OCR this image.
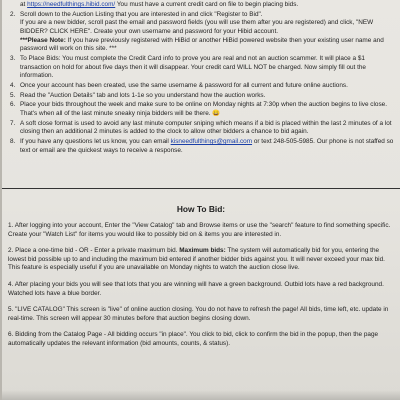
at https://needfulthings.hibid.com/ You must have a current credit card on file to begin placing bids.
2. Scroll down to the Auction Listing that you are interested in and click "Register to Bid".
If you are a new bidder, scroll past the email and password fields (you will use them after you are registered) and click, "NEW BIDDER? CLICK HERE". Create your own username and password for your Hibid account.
***Please Note: If you have previously registered with HiBid or another HiBid powered website then your existing user name and password will work on this site. ***
3. To Place Bids: You must complete the Credit Card info to prove you are real and not an auction scammer. It will place a $1 transaction on hold for about five days then it will disappear. Your credit card WILL NOT be charged. Now simply fill out the information.
4. Once your account has been created, use the same username & password for all current and future online auctions.
5. Read the "Auction Details" tab and lots 1-1e so you understand how the auction works.
6. Place your bids throughout the week and make sure to be online on Monday nights at 7:30p when the auction begins to live close. That's when all of the last minute sneaky ninja bidders will be there. 😀
7. A soft close format is used to avoid any last minute computer sniping which means if a bid is placed within the last 2 minutes of a lot closing then an additional 2 minutes is added to the clock to allow other bidders a chance to bid again.
8. If you have any questions let us know, you can email kisneedfulthings@gmail.com or text 248-505-5985. Our phone is not staffed so text or email are the quickest ways to receive a response.
How To Bid:
1. After logging into your account, Enter the "View Catalog" tab and Browse items or use the "search" feature to find something specific. Create your "Watch List" for items you would like to possibly bid on & items you are interested in.
2. Place a one-time bid - OR - Enter a private maximum bid. Maximum bids: The system will automatically bid for you, entering the lowest bid possible up to and including the maximum bid entered if another bidder bids against you. It will never exceed your max bid. This feature is especially useful if you are unavailable on Monday nights to watch the auction close live.
4. After placing your bids you will see that lots that you are winning will have a green background. Outbid lots have a red background. Watched lots have a blue border.
5. "LIVE CATALOG" This screen is "live" of online auction closing. You do not have to refresh the page! All bids, time left, etc. update in real-time. This screen will appear 30 minutes before that auction begins closing down.
6. Bidding from the Catalog Page - All bidding occurs "in place". You click to bid, click to confirm the bid in the popup, then the page automatically updates the relevant information (bid amounts, counts, & status).
